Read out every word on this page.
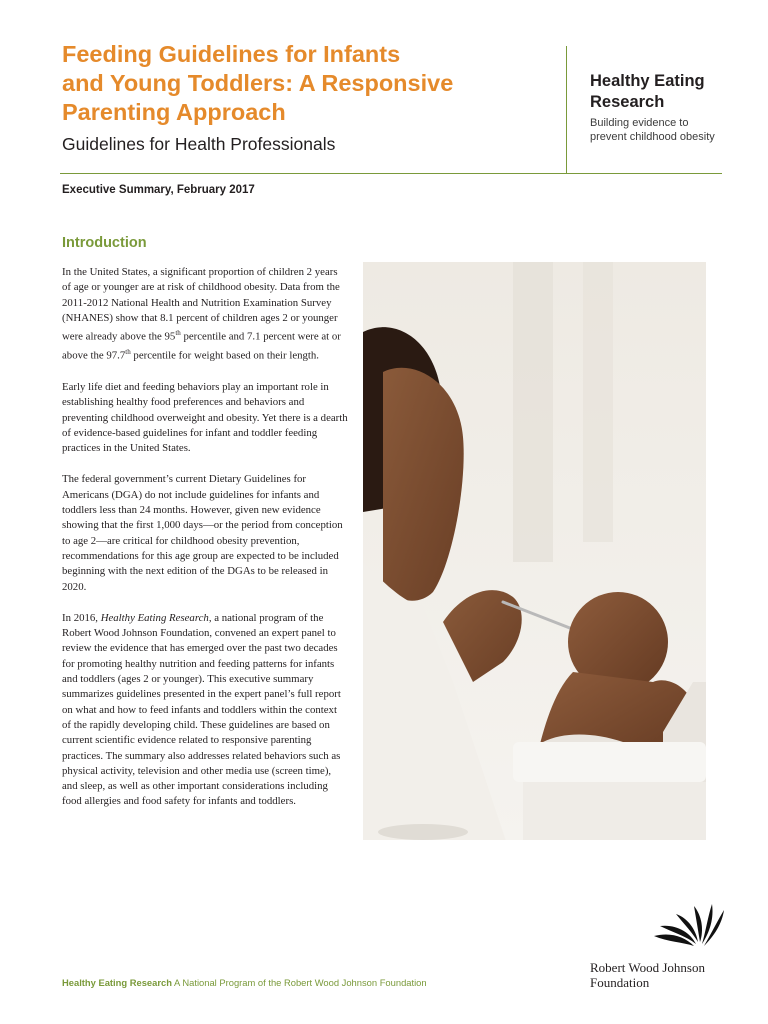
Feeding Guidelines for Infants
and Young Toddlers: A Responsive
Parenting Approach
Guidelines for Health Professionals
Healthy Eating
Research
Building evidence to
prevent childhood obesity
Executive Summary, February 2017
Introduction

In the United States, a significant proportion of children 2 years of age or younger are at risk of childhood obesity. Data from the 2011-2012 National Health and Nutrition Examination Survey (NHANES) show that 8.1 percent of children ages 2 or younger were already above the 95th percentile and 7.1 percent were at or above the 97.7th percentile for weight based on their length.

Early life diet and feeding behaviors play an important role in establishing healthy food preferences and behaviors and preventing childhood overweight and obesity. Yet there is a dearth of evidence-based guidelines for infant and toddler feeding practices in the United States.

The federal government’s current Dietary Guidelines for Americans (DGA) do not include guidelines for infants and toddlers less than 24 months. However, given new evidence showing that the first 1,000 days—or the period from conception to age 2—are critical for childhood obesity prevention, recommendations for this age group are expected to be included beginning with the next edition of the DGAs to be released in 2020.

In 2016, Healthy Eating Research, a national program of the Robert Wood Johnson Foundation, convened an expert panel to review the evidence that has emerged over the past two decades for promoting healthy nutrition and feeding patterns for infants and toddlers (ages 2 or younger). This executive summary summarizes guidelines presented in the expert panel’s full report on what and how to feed infants and toddlers within the context of the rapidly developing child. These guidelines are based on current scientific evidence related to responsive parenting practices. The summary also addresses related behaviors such as physical activity, television and other media use (screen time), and sleep, as well as other important considerations including food allergies and food safety for infants and toddlers.

Healthy Eating Research A National Program of the Robert Wood Johnson Foundation
Robert Wood Johnson
Foundation
